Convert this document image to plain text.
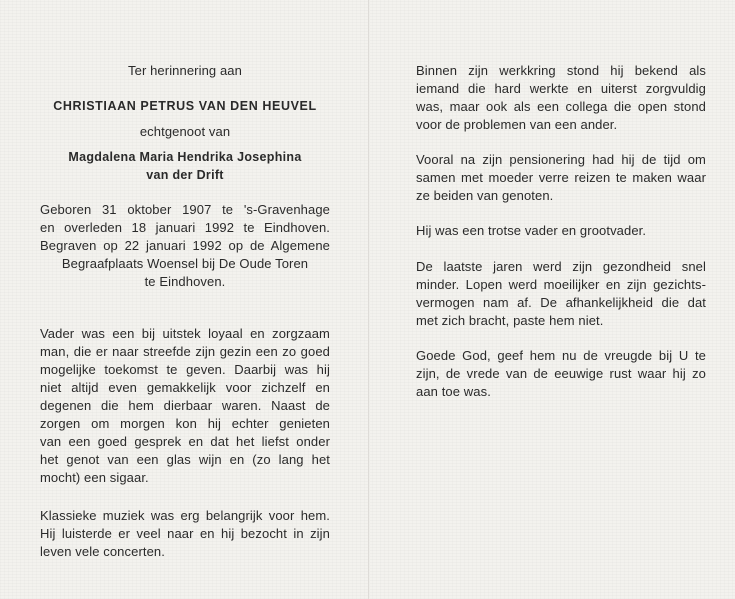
Ter herinnering aan
CHRISTIAAN PETRUS VAN DEN HEUVEL
echtgenoot van
Magdalena Maria Hendrika Josephina
van der Drift
Geboren 31 oktober 1907 te 's-Gravenhage
en overleden 18 januari 1992 te Eindhoven.
Begraven op 22 januari 1992 op de Algemene
Begraafplaats Woensel bij De Oude Toren
te Eindhoven.
Vader was een bij uitstek loyaal en zorgzaam
man, die er naar streefde zijn gezin een zo goed
mogelijke toekomst te geven. Daarbij was hij
niet altijd even gemakkelijk voor zichzelf en
degenen die hem dierbaar waren. Naast de
zorgen om morgen kon hij echter genieten
van een goed gesprek en dat het liefst onder
het genot van een glas wijn en (zo lang het
mocht) een sigaar.
Klassieke muziek was erg belangrijk voor hem.
Hij luisterde er veel naar en hij bezocht in zijn
leven vele concerten.
Binnen zijn werkkring stond hij bekend als
iemand die hard werkte en uiterst zorgvuldig
was, maar ook als een collega die open stond
voor de problemen van een ander.
Vooral na zijn pensionering had hij de tijd om
samen met moeder verre reizen te maken waar
ze beiden van genoten.
Hij was een trotse vader en grootvader.
De laatste jaren werd zijn gezondheid snel
minder. Lopen werd moeilijker en zijn gezichts-
vermogen nam af. De afhankelijkheid die dat
met zich bracht, paste hem niet.
Goede God, geef hem nu de vreugde bij U te
zijn, de vrede van de eeuwige rust waar hij zo
aan toe was.
